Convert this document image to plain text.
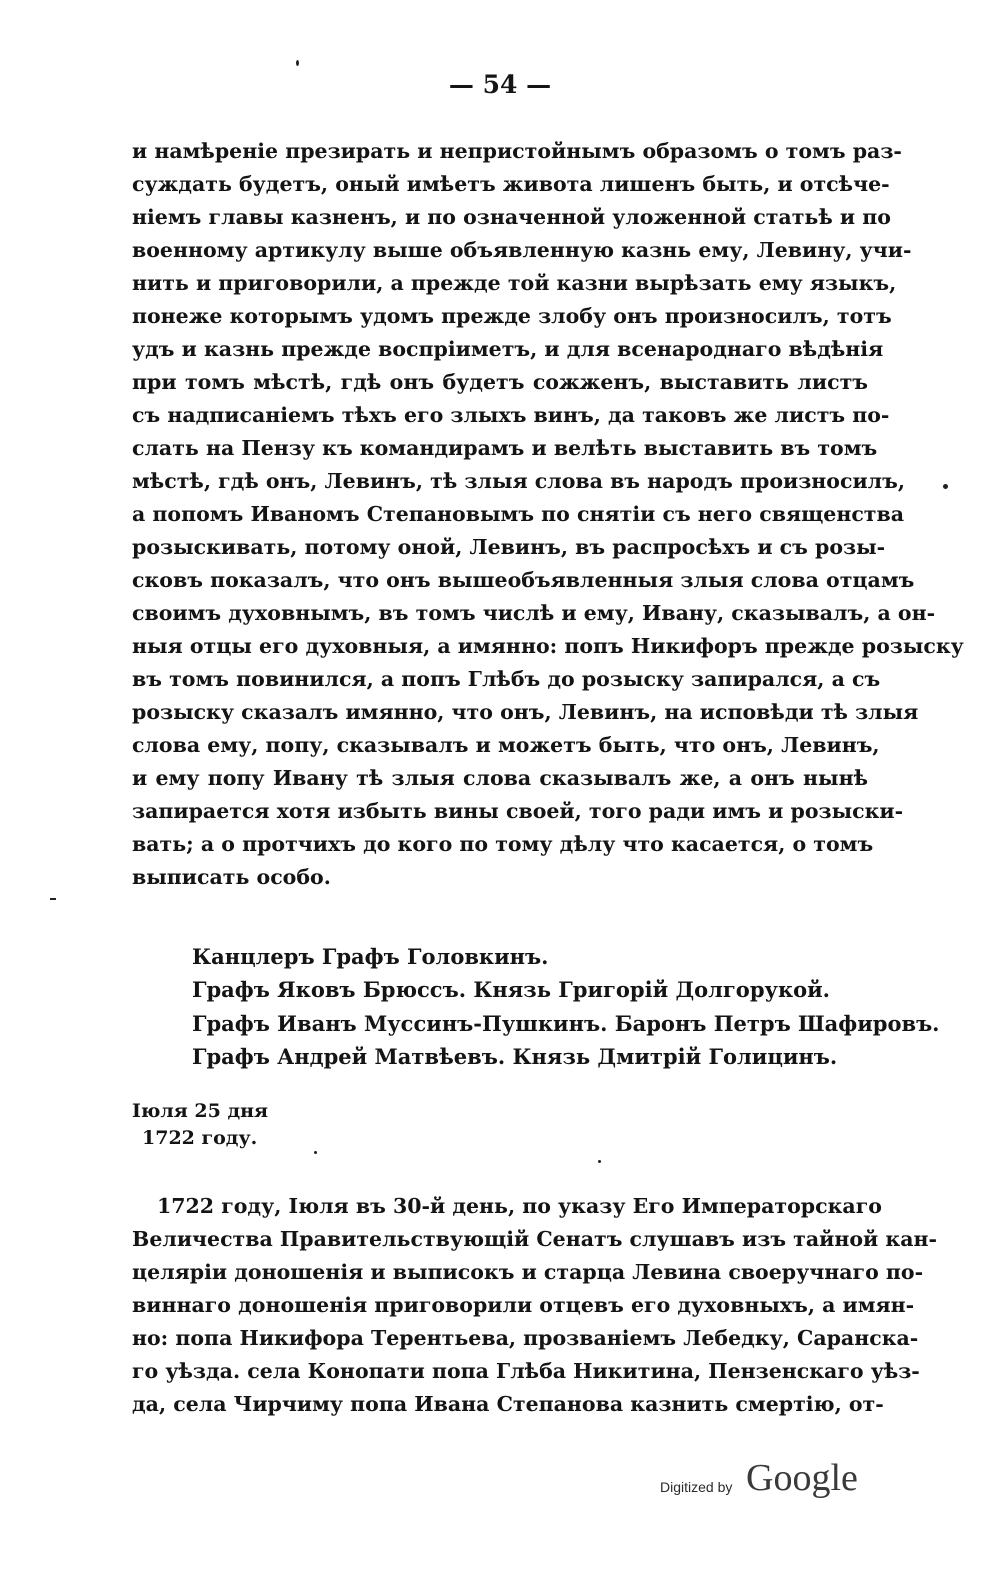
— 54 —
и намѣреніе презирать и непристойнымъ образомъ о томъ раз-
суждать будетъ, оный имѣетъ живота лишенъ быть, и отсѣче-
ніемъ главы казненъ, и по означенной уложенной статьѣ и по
военному артикулу выше объявленную казнь ему, Левину, учи-
нить и приговорили, а прежде той казни вырѣзать ему языкъ,
понеже которымъ удомъ прежде злобу онъ произносилъ, тотъ
удъ и казнь прежде воспріиметъ, и для всенароднаго вѣдѣнія
при томъ мѣстѣ, гдѣ онъ будетъ сожженъ, выставить листъ
съ надписаніемъ тѣхъ его злыхъ винъ, да таковъ же листъ по-
слать на Пензу къ командирамъ и велѣть выставить въ томъ
мѣстѣ, гдѣ онъ, Левинъ, тѣ злыя слова въ народъ произносилъ,
а попомъ Иваномъ Степановымъ по снятіи съ него священства
розыскивать, потому оной, Левинъ, въ распросѣхъ и съ розы-
сковъ показалъ, что онъ вышеобъявленныя злыя слова отцамъ
своимъ духовнымъ, въ томъ числѣ и ему, Ивану, сказывалъ, а он-
ныя отцы его духовныя, а имянно: попъ Никифоръ прежде розыску
въ томъ повинился, а попъ Глѣбъ до розыску запирался, а съ
розыску сказалъ имянно, что онъ, Левинъ, на исповѣди тѣ злыя
слова ему, попу, сказывалъ и можетъ быть, что онъ, Левинъ,
и ему попу Ивану тѣ злыя слова сказывалъ же, а онъ нынѣ
запирается хотя избыть вины своей, того ради имъ и розыски-
вать; а о протчихъ до кого по тому дѣлу что касается, о томъ
выписать особо.
Канцлеръ Графъ Головкинъ.
Графъ Яковъ Брюссъ. Князь Григорій Долгорукой.
Графъ Иванъ Муссинъ-Пушкинъ. Баронъ Петръ Шафировъ.
Графъ Андрей Матвѣевъ. Князь Дмитрій Голицинъ.
Іюля 25 дня
1722 году.
1722 году, Іюля въ 30-й день, по указу Его Императорскаго
Величества Правительствующій Сенатъ слушавъ изъ тайной кан-
целяріи доношенія и выписокъ и старца Левина своеручнаго по-
виннаго доношенія приговорили отцевъ его духовныхъ, а имян-
но: попа Никифора Терентьева, прозваніемъ Лебедку, Саранска-
го уѣзда. села Конопати попа Глѣба Никитина, Пензенскаго уѣз-
да, села Чирчиму попа Ивана Степанова казнить смертію, от-
Digitized by Google
